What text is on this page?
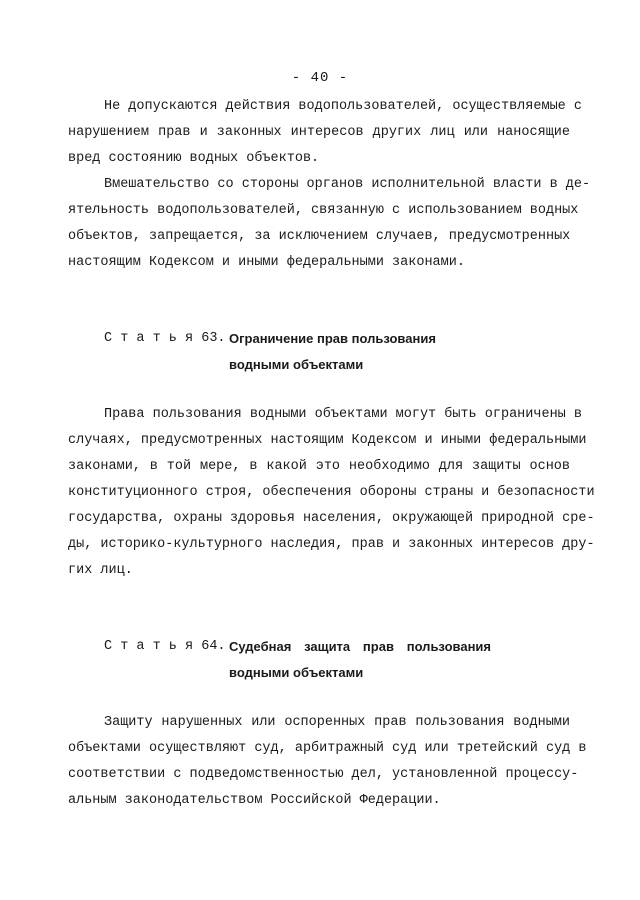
- 40 -
Не допускаются действия водопользователей, осуществляемые с
нарушением прав и законных интересов других лиц или наносящие
вред состоянию водных объектов.
Вмешательство со стороны органов исполнительной власти в де-
ятельность водопользователей, связанную с использованием водных
объектов, запрещается, за исключением случаев, предусмотренных
настоящим Кодексом и иными федеральными законами.
С т а т ь я 63. Ограничение прав пользования
водными объектами
Права пользования водными объектами могут быть ограничены в
случаях, предусмотренных настоящим Кодексом и иными федеральными
законами, в той мере, в какой это необходимо для защиты основ
конституционного строя, обеспечения обороны страны и безопасности
государства, охраны здоровья населения, окружающей природной сре-
ды, историко-культурного наследия, прав и законных интересов дру-
гих лиц.
С т а т ь я 64. Судебная защита прав пользования
водными объектами
Защиту нарушенных или оспоренных прав пользования водными
объектами осуществляют суд, арбитражный суд или третейский суд в
соответствии с подведомственностью дел, установленной процессу-
альным законодательством Российской Федерации.
